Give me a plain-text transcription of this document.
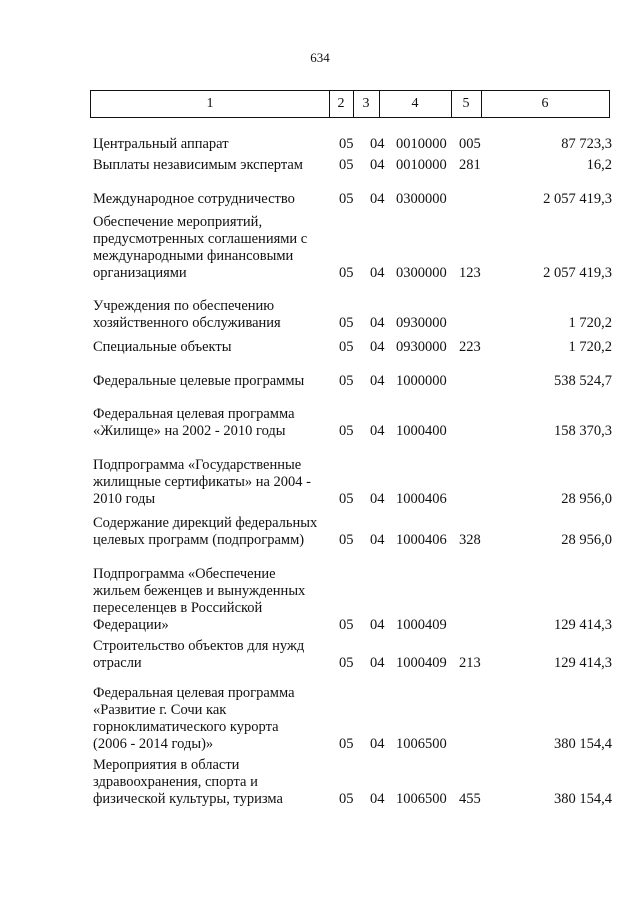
634
1	2	3	4	5	6
Центральный аппарат	05 04 0010000 005	87 723,3
Выплаты независимым экспертам	05 04 0010000 281	16,2
Международное сотрудничество	05 04 0300000	2 057 419,3
Обеспечение мероприятий,
предусмотренных соглашениями с
международными финансовыми
организациями	05 04 0300000 123	2 057 419,3
Учреждения по обеспечению
хозяйственного обслуживания	05 04 0930000	1 720,2
Специальные объекты	05 04 0930000 223	1 720,2
Федеральные целевые программы	05 04 1000000	538 524,7
Федеральная целевая программа
«Жилище» на 2002 - 2010 годы	05 04 1000400	158 370,3
Подпрограмма «Государственные
жилищные сертификаты» на 2004 -
2010 годы	05 04 1000406	28 956,0
Содержание дирекций федеральных
целевых программ (подпрограмм)	05 04 1000406 328	28 956,0
Подпрограмма «Обеспечение
жильем беженцев и вынужденных
переселенцев в Российской
Федерации»	05 04 1000409	129 414,3
Строительство объектов для нужд
отрасли	05 04 1000409 213	129 414,3
Федеральная целевая программа
«Развитие г. Сочи как
горноклиматического курорта
(2006 - 2014 годы)»	05 04 1006500	380 154,4
Мероприятия в области
здравоохранения, спорта и
физической культуры, туризма	05 04 1006500 455	380 154,4
